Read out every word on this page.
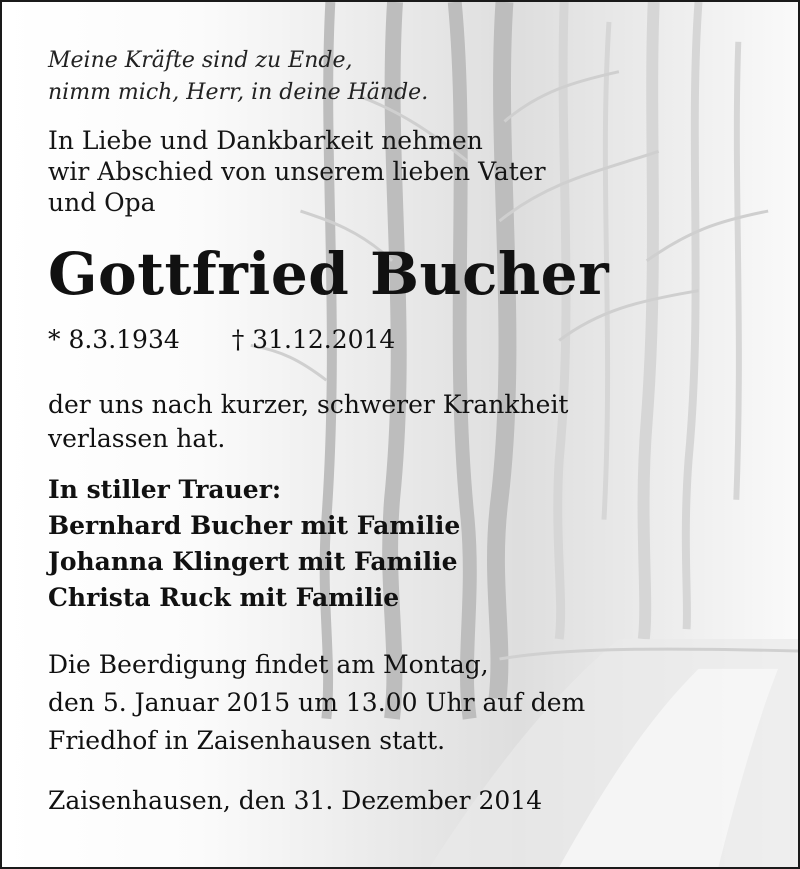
Meine Kräfte sind zu Ende,
nimm mich, Herr, in deine Hände.
In Liebe und Dankbarkeit nehmen
wir Abschied von unserem lieben Vater
und Opa
Gottfried Bucher
* 8.3.1934 † 31.12.2014
der uns nach kurzer, schwerer Krankheit
verlassen hat.
In stiller Trauer:
Bernhard Bucher mit Familie
Johanna Klingert mit Familie
Christa Ruck mit Familie
Die Beerdigung findet am Montag,
den 5. Januar 2015 um 13.00 Uhr auf dem
Friedhof in Zaisenhausen statt.
Zaisenhausen, den 31. Dezember 2014
